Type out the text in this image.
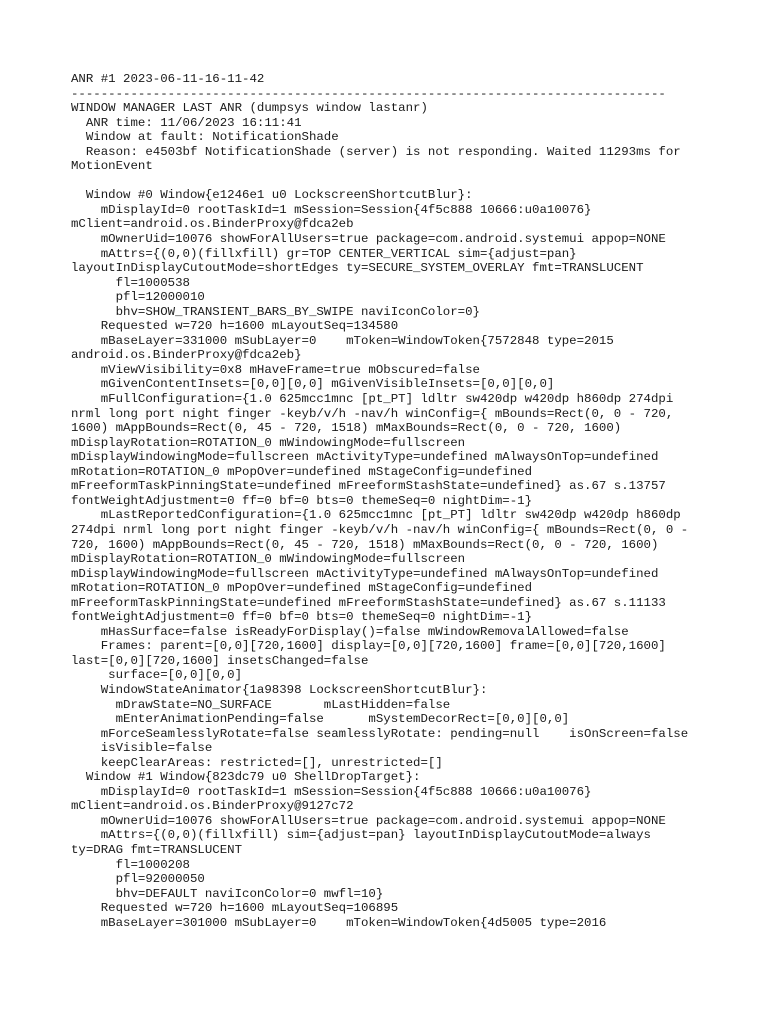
ANR #1 2023-06-11-16-11-42
--------------------------------------------------------------------------------
WINDOW MANAGER LAST ANR (dumpsys window lastanr)
ANR time: 11/06/2023 16:11:41
Window at fault: NotificationShade
Reason: e4503bf NotificationShade (server) is not responding. Waited 11293ms for
MotionEvent
Window #0 Window{e1246e1 u0 LockscreenShortcutBlur}:
mDisplayId=0 rootTaskId=1 mSession=Session{4f5c888 10666:u0a10076}
mClient=android.os.BinderProxy@fdca2eb
mOwnerUid=10076 showForAllUsers=true package=com.android.systemui appop=NONE
mAttrs={(0,0)(fillxfill) gr=TOP CENTER_VERTICAL sim={adjust=pan}
layoutInDisplayCutoutMode=shortEdges ty=SECURE_SYSTEM_OVERLAY fmt=TRANSLUCENT
fl=1000538
pfl=12000010
bhv=SHOW_TRANSIENT_BARS_BY_SWIPE naviIconColor=0}
Requested w=720 h=1600 mLayoutSeq=134580
mBaseLayer=331000 mSubLayer=0    mToken=WindowToken{7572848 type=2015
android.os.BinderProxy@fdca2eb}
mViewVisibility=0x8 mHaveFrame=true mObscured=false
mGivenContentInsets=[0,0][0,0] mGivenVisibleInsets=[0,0][0,0]
mFullConfiguration={1.0 625mcc1mnc [pt_PT] ldltr sw420dp w420dp h860dp 274dpi
nrml long port night finger -keyb/v/h -nav/h winConfig={ mBounds=Rect(0, 0 - 720,
1600) mAppBounds=Rect(0, 45 - 720, 1518) mMaxBounds=Rect(0, 0 - 720, 1600)
mDisplayRotation=ROTATION_0 mWindowingMode=fullscreen
mDisplayWindowingMode=fullscreen mActivityType=undefined mAlwaysOnTop=undefined
mRotation=ROTATION_0 mPopOver=undefined mStageConfig=undefined
mFreeformTaskPinningState=undefined mFreeformStashState=undefined} as.67 s.13757
fontWeightAdjustment=0 ff=0 bf=0 bts=0 themeSeq=0 nightDim=-1}
mLastReportedConfiguration={1.0 625mcc1mnc [pt_PT] ldltr sw420dp w420dp h860dp
274dpi nrml long port night finger -keyb/v/h -nav/h winConfig={ mBounds=Rect(0, 0 -
720, 1600) mAppBounds=Rect(0, 45 - 720, 1518) mMaxBounds=Rect(0, 0 - 720, 1600)
mDisplayRotation=ROTATION_0 mWindowingMode=fullscreen
mDisplayWindowingMode=fullscreen mActivityType=undefined mAlwaysOnTop=undefined
mRotation=ROTATION_0 mPopOver=undefined mStageConfig=undefined
mFreeformTaskPinningState=undefined mFreeformStashState=undefined} as.67 s.11133
fontWeightAdjustment=0 ff=0 bf=0 bts=0 themeSeq=0 nightDim=-1}
mHasSurface=false isReadyForDisplay()=false mWindowRemovalAllowed=false
Frames: parent=[0,0][720,1600] display=[0,0][720,1600] frame=[0,0][720,1600]
last=[0,0][720,1600] insetsChanged=false
surface=[0,0][0,0]
WindowStateAnimator{1a98398 LockscreenShortcutBlur}:
mDrawState=NO_SURFACE       mLastHidden=false
mEnterAnimationPending=false      mSystemDecorRect=[0,0][0,0]
mForceSeamlesslyRotate=false seamlesslyRotate: pending=null    isOnScreen=false
isVisible=false
keepClearAreas: restricted=[], unrestricted=[]
Window #1 Window{823dc79 u0 ShellDropTarget}:
mDisplayId=0 rootTaskId=1 mSession=Session{4f5c888 10666:u0a10076}
mClient=android.os.BinderProxy@9127c72
mOwnerUid=10076 showForAllUsers=true package=com.android.systemui appop=NONE
mAttrs={(0,0)(fillxfill) sim={adjust=pan} layoutInDisplayCutoutMode=always
ty=DRAG fmt=TRANSLUCENT
fl=1000208
pfl=92000050
bhv=DEFAULT naviIconColor=0 mwfl=10}
Requested w=720 h=1600 mLayoutSeq=106895
mBaseLayer=301000 mSubLayer=0    mToken=WindowToken{4d5005 type=2016
